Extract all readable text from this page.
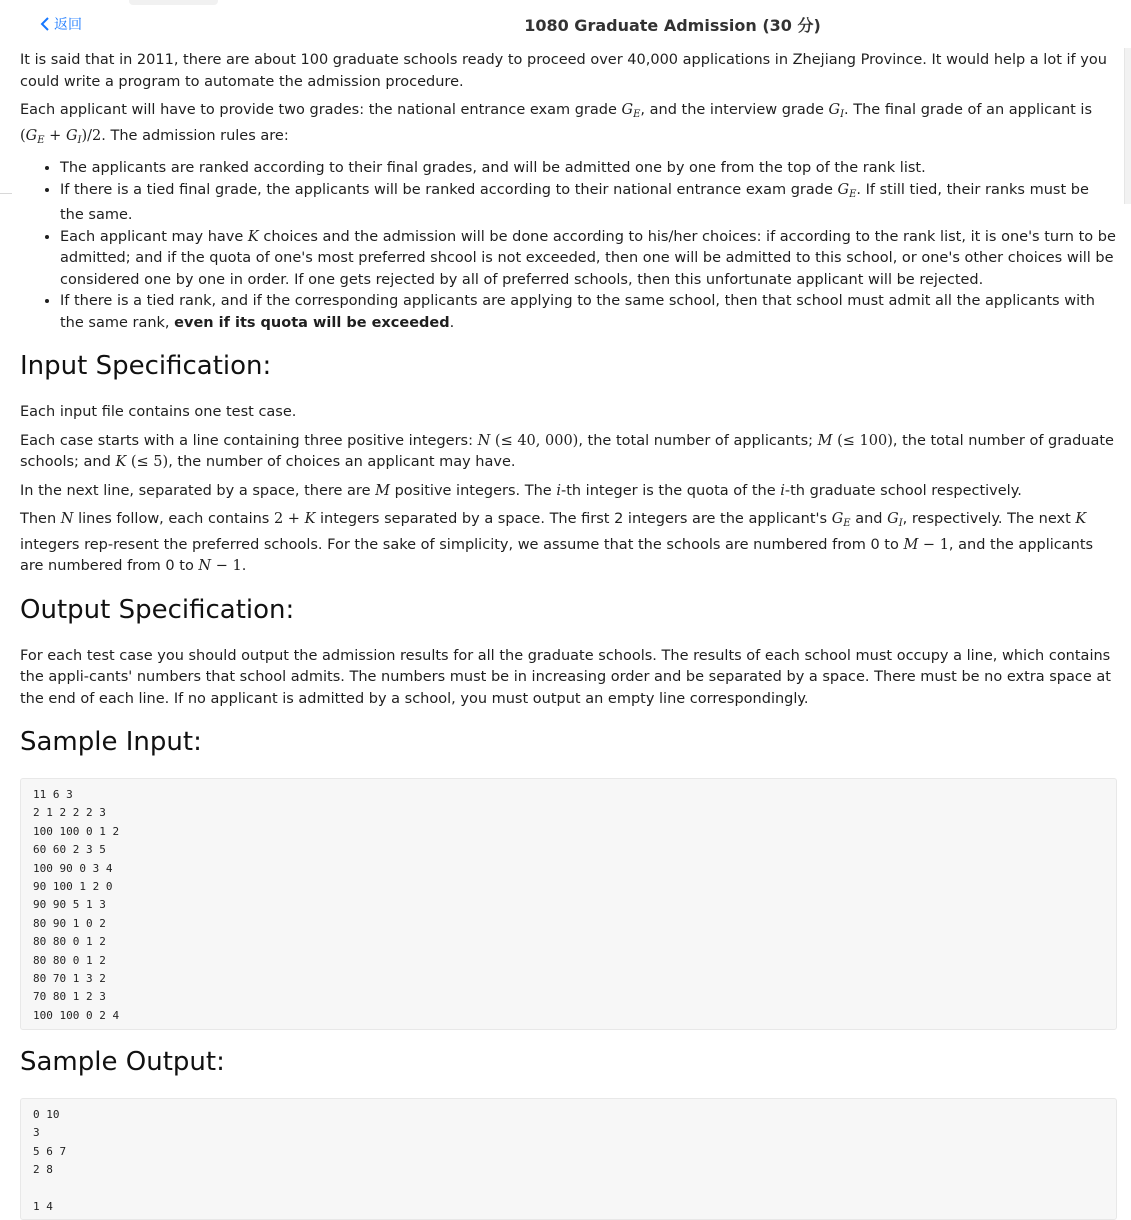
返回	1080 Graduate Admission (30 分)

It is said that in 2011, there are about 100 graduate schools ready to proceed over 40,000 applications in Zhejiang Province. It would help a lot if you could write a program to automate the admission procedure.

Each applicant will have to provide two grades: the national entrance exam grade $G_E$, and the interview grade $G_I$. The final grade of an applicant is $(G_E + G_I)/2$. The admission rules are:

• The applicants are ranked according to their final grades, and will be admitted one by one from the top of the rank list.
• If there is a tied final grade, the applicants will be ranked according to their national entrance exam grade $G_E$. If still tied, their ranks must be the same.
• Each applicant may have K choices and the admission will be done according to his/her choices: if according to the rank list, it is one's turn to be admitted; and if the quota of one's most preferred shcool is not exceeded, then one will be admitted to this school, or one's other choices will be considered one by one in order. If one gets rejected by all of preferred schools, then this unfortunate applicant will be rejected.
• If there is a tied rank, and if the corresponding applicants are applying to the same school, then that school must admit all the applicants with the same rank, even if its quota will be exceeded.
Input Specification:

Each input file contains one test case.

Each case starts with a line containing three positive integers: N (≤ 40, 000), the total number of applicants; M (≤ 100), the total number of graduate schools; and K (≤ 5), the number of choices an applicant may have.

In the next line, separated by a space, there are M positive integers. The i-th integer is the quota of the i-th graduate school respectively.

Then N lines follow, each contains 2 + K integers separated by a space. The first 2 integers are the applicant's $G_E$ and $G_I$, respectively. The next K integers rep-resent the preferred schools. For the sake of simplicity, we assume that the schools are numbered from 0 to M − 1, and the applicants are numbered from 0 to N − 1.

Output Specification:

For each test case you should output the admission results for all the graduate schools. The results of each school must occupy a line, which contains the appli-cants' numbers that school admits. The numbers must be in increasing order and be separated by a space. There must be no extra space at the end of each line. If no applicant is admitted by a school, you must output an empty line correspondingly.

Sample Input:
11 6 3
2 1 2 2 2 3
100 100 0 1 2
60 60 2 3 5
100 90 0 3 4
90 100 1 2 0
90 90 5 1 3
80 90 1 0 2
80 80 0 1 2
80 80 0 1 2
80 70 1 3 2
70 80 1 2 3
100 100 0 2 4
Sample Output:
0 10
3
5 6 7
2 8

1 4
